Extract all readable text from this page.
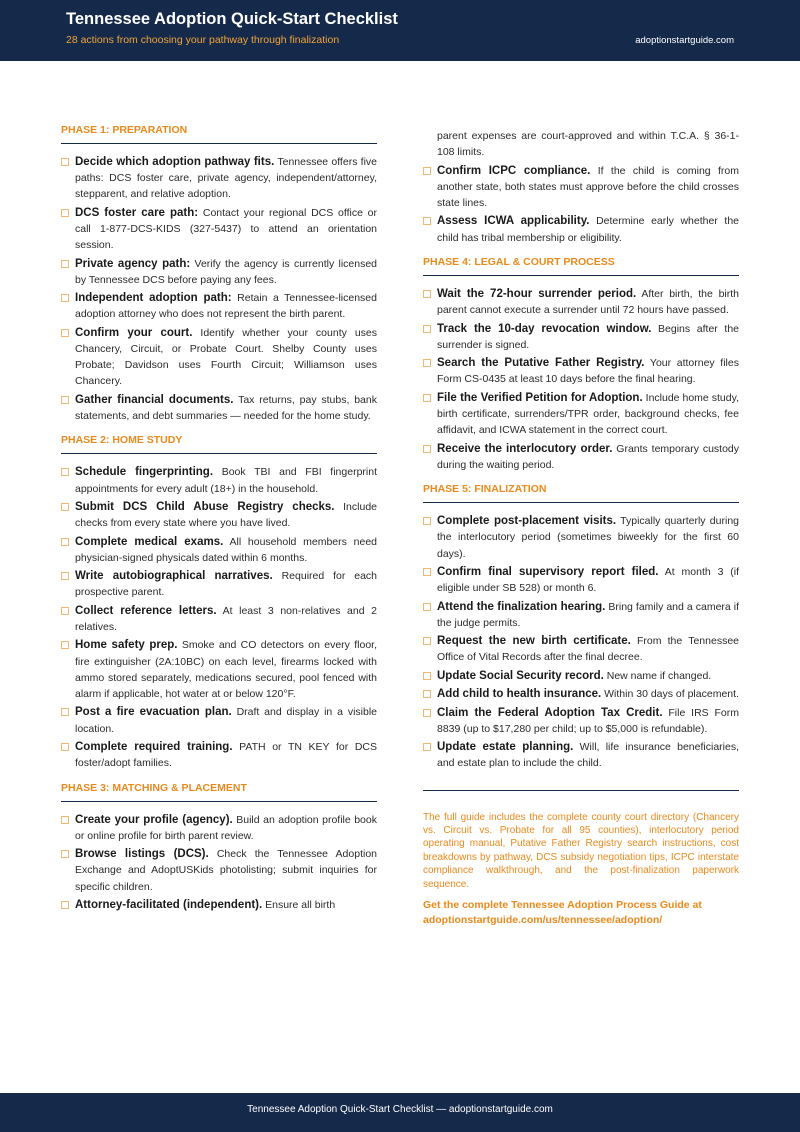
Tennessee Adoption Quick-Start Checklist
28 actions from choosing your pathway through finalization	adoptionstartguide.com
PHASE 1: PREPARATION
Decide which adoption pathway fits. Tennessee offers five paths: DCS foster care, private agency, independent/attorney, stepparent, and relative adoption.
DCS foster care path: Contact your regional DCS office or call 1-877-DCS-KIDS (327-5437) to attend an orientation session.
Private agency path: Verify the agency is currently licensed by Tennessee DCS before paying any fees.
Independent adoption path: Retain a Tennessee-licensed adoption attorney who does not represent the birth parent.
Confirm your court. Identify whether your county uses Chancery, Circuit, or Probate Court. Shelby County uses Probate; Davidson uses Fourth Circuit; Williamson uses Chancery.
Gather financial documents. Tax returns, pay stubs, bank statements, and debt summaries — needed for the home study.
PHASE 2: HOME STUDY
Schedule fingerprinting. Book TBI and FBI fingerprint appointments for every adult (18+) in the household.
Submit DCS Child Abuse Registry checks. Include checks from every state where you have lived.
Complete medical exams. All household members need physician-signed physicals dated within 6 months.
Write autobiographical narratives. Required for each prospective parent.
Collect reference letters. At least 3 non-relatives and 2 relatives.
Home safety prep. Smoke and CO detectors on every floor, fire extinguisher (2A:10BC) on each level, firearms locked with ammo stored separately, medications secured, pool fenced with alarm if applicable, hot water at or below 120°F.
Post a fire evacuation plan. Draft and display in a visible location.
Complete required training. PATH or TN KEY for DCS foster/adopt families.
PHASE 3: MATCHING & PLACEMENT
Create your profile (agency). Build an adoption profile book or online profile for birth parent review.
Browse listings (DCS). Check the Tennessee Adoption Exchange and AdoptUSKids photolisting; submit inquiries for specific children.
Attorney-facilitated (independent). Ensure all birth
parent expenses are court-approved and within T.C.A. § 36-1-108 limits.
Confirm ICPC compliance. If the child is coming from another state, both states must approve before the child crosses state lines.
Assess ICWA applicability. Determine early whether the child has tribal membership or eligibility.
PHASE 4: LEGAL & COURT PROCESS
Wait the 72-hour surrender period. After birth, the birth parent cannot execute a surrender until 72 hours have passed.
Track the 10-day revocation window. Begins after the surrender is signed.
Search the Putative Father Registry. Your attorney files Form CS-0435 at least 10 days before the final hearing.
File the Verified Petition for Adoption. Include home study, birth certificate, surrenders/TPR order, background checks, fee affidavit, and ICWA statement in the correct court.
Receive the interlocutory order. Grants temporary custody during the waiting period.
PHASE 5: FINALIZATION
Complete post-placement visits. Typically quarterly during the interlocutory period (sometimes biweekly for the first 60 days).
Confirm final supervisory report filed. At month 3 (if eligible under SB 528) or month 6.
Attend the finalization hearing. Bring family and a camera if the judge permits.
Request the new birth certificate. From the Tennessee Office of Vital Records after the final decree.
Update Social Security record. New name if changed.
Add child to health insurance. Within 30 days of placement.
Claim the Federal Adoption Tax Credit. File IRS Form 8839 (up to $17,280 per child; up to $5,000 is refundable).
Update estate planning. Will, life insurance beneficiaries, and estate plan to include the child.

The full guide includes the complete county court directory (Chancery vs. Circuit vs. Probate for all 95 counties), interlocutory period operating manual, Putative Father Registry search instructions, cost breakdowns by pathway, DCS subsidy negotiation tips, ICPC interstate compliance walkthrough, and the post-finalization paperwork sequence.

Get the complete Tennessee Adoption Process Guide at adoptionstartguide.com/us/tennessee/adoption/

Tennessee Adoption Quick-Start Checklist — adoptionstartguide.com
